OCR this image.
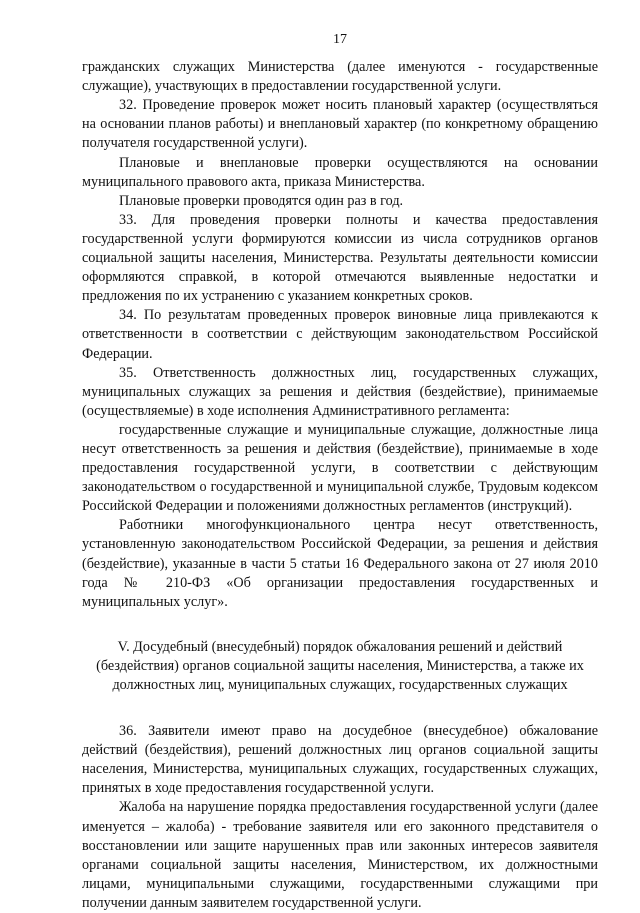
17

гражданских служащих Министерства (далее именуются - государственные служащие), участвующих в предоставлении государственной услуги.

32. Проведение проверок может носить плановый характер (осуществляться на основании планов работы) и внеплановый характер (по конкретному обращению получателя государственной услуги).

Плановые и внеплановые проверки осуществляются на основании муниципального правового акта, приказа Министерства.

Плановые проверки проводятся один раз в год.

33. Для проведения проверки полноты и качества предоставления государственной услуги формируются комиссии из числа сотрудников органов социальной защиты населения, Министерства. Результаты деятельности комиссии оформляются справкой, в которой отмечаются выявленные недостатки и предложения по их устранению с указанием конкретных сроков.

34. По результатам проведенных проверок виновные лица привлекаются к ответственности в соответствии с действующим законодательством Российской Федерации.

35. Ответственность должностных лиц, государственных служащих, муниципальных служащих за решения и действия (бездействие), принимаемые (осуществляемые) в ходе исполнения Административного регламента:

государственные служащие и муниципальные служащие, должностные лица несут ответственность за решения и действия (бездействие), принимаемые в ходе предоставления государственной услуги, в соответствии с действующим законодательством о государственной и муниципальной службе, Трудовым кодексом Российской Федерации и положениями должностных регламентов (инструкций).

Работники многофункционального центра несут ответственность, установленную законодательством Российской Федерации, за решения и действия (бездействие), указанные в части 5 статьи 16 Федерального закона от 27 июля 2010 года № 210-ФЗ «Об организации предоставления государственных и муниципальных услуг».

V. Досудебный (внесудебный) порядок обжалования решений и действий (бездействия) органов социальной защиты населения, Министерства, а также их должностных лиц, муниципальных служащих, государственных служащих

36. Заявители имеют право на досудебное (внесудебное) обжалование действий (бездействия), решений должностных лиц органов социальной защиты населения, Министерства, муниципальных служащих, государственных служащих, принятых в ходе предоставления государственной услуги.

Жалоба на нарушение порядка предоставления государственной услуги (далее именуется – жалоба) - требование заявителя или его законного представителя о восстановлении или защите нарушенных прав или законных интересов заявителя органами социальной защиты населения, Министерством, их должностными лицами, муниципальными служащими, государственными служащими при получении данным заявителем государственной услуги.
